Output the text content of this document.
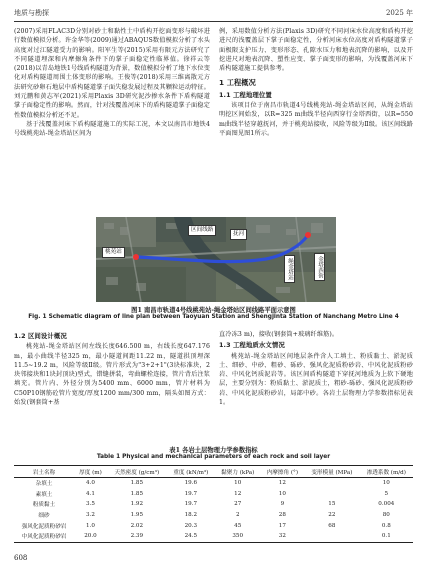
地质与勘探	2025 年

(2007)采用FLAC3D分别对砂土和黏性土中盾构开挖面变形与破坏进行数值模拟分析。许金华等(2009)通过ABAQUS数值模拟分析了水头高度对过江隧道受力的影响。阳军生等(2015)采用有限元方法研究了不同隧道埋深和内摩擦角条件下的掌子面稳定性临界值。徐祥云等(2018)以青岛地铁1号线盾构隧道为背景，数值模拟分析了地下水位变化对盾构隧道周围土体变形的影响。王俊等(2018)采用三维离散元方法研究砂卵石地层中盾构隧道掌子面失稳发展过程及其颗粒运动特征。刘元鹏和黄志军(2021)采用Plaxis 3D研究泥沙掺水条件下盾构隧道掌子面稳定性的影响。然而，针对浅覆盖河床下的盾构隧道掌子面稳定性数值模拟分析还不足。

基于浅覆盖河床下盾构隧道施工的实际工况，本文以南昌市地铁4号线桃苑站-绳金塔站区间为

例，采用数值分析方法(Plaxis 3D)研究不同河床水位高度和盾构开挖进尺的浅覆盖层下掌子面稳定性，分析河床水位高度对盾构隧道掌子面极限支护压力、变形形态、孔隙水压力和地表沉降的影响，以及开挖进尺对地表沉降、塑性应变、掌子面变形的影响，为浅覆盖河床下盾构隧道施工提供参考。

1 工程概况
1.1 工程地理位置

该项目位于南昌市轨道4号线桃苑站-绳金塔站区间，从绳金塔站明挖区间始发，以R=325 m曲线半径向西穿行金塔西街，以R=550 m曲线半径穿越抚河，并于桃苑站接收，风险等级为Ⅱ级。该区间线路平面图见图1所示。

桃苑站
区间线路
抚河
绳金塔站	金塔西街
图1 南昌市轨道4号线桃苑站-绳金塔站区间线路平面示意图
Fig. 1 Schematic diagram of line plan between Taoyuan Station and Shengjinta Station of Nanchang Metro Line 4
1.2 区间设计概况

桃苑站-绳金塔站区间左线长度646.500 m，右线长度647.176 m，最小曲线半径325 m，最小隧道间距11.22 m，隧道拱顶埋深11.5~19.2 m，风险等级Ⅱ级。管片形式为"3+2+1"(3块标准块，2块邻接块和1块封顶块)型式，错缝拼装，弯曲螺栓连接，管片背后注浆填充。管片内、外径分别为5400 mm、6000 mm，管片材料为C50P10钢筋砼管片宽度/厚度1200 mm/300 mm，隔头如图方式：始发(钢套筒+基

直冷冻3 m)，接收(钢套筒+玻璃纤维筋)。

1.3 工程地质水文情况

桃苑站-绳金塔站区间地层条件含人工填土、粉质黏土、淤泥质土、细砂、中砂、粗砂、砾砂、强风化泥质粉砂岩、中风化泥质粉砂岩、中风化钙质泥岩等。该区间盾构隧道下穿抚河地质为上软下硬地层，主要分别为：粉质黏土、淤泥质土，粗砂-砾砂、强风化泥质粉砂岩、中风化泥质粉砂岩，局部中砂。各岩土层物理力学参数指标见表1。

表1 各岩土层物理力学参数指标
Table 1 Physical and mechanical parameters of each rock and soil layer
岩土名称	厚度 (m)	天然密度 (g/cm³)	重度 (kN/m³)	黏聚力 (kPa)	内摩擦角 (°)	变形模量 (MPa)	渗透系数 (m/d)
杂填土	4.0	1.85	19.6	10	12		10
素填土	4.1	1.85	19.7	12	10		5
粉质黏土	3.5	1.92	19.7	27	9	15	0.004
细砂	3.2	1.95	18.2	2	28	22	80
强风化泥质粉砂岩	1.0	2.02	20.3	45	17	68	0.8
中风化泥质粉砂岩	20.0	2.39	24.5	350	32		0.1
608
